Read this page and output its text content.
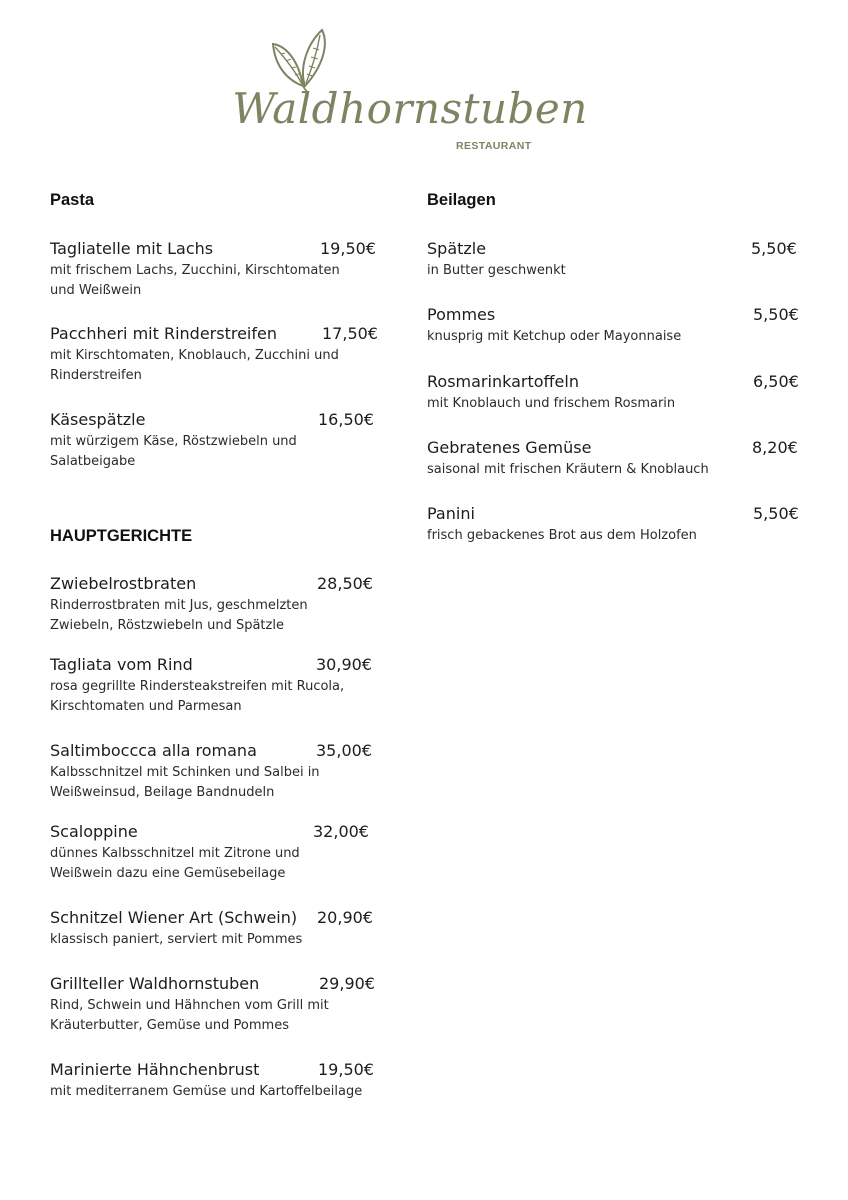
Waldhornstuben
RESTAURANT
Pasta
Tagliatelle mit Lachs	19,50€
mit frischem Lachs, Zucchini, Kirschtomaten und Weißwein
Pacchheri mit Rinderstreifen	17,50€
mit Kirschtomaten, Knoblauch, Zucchini und Rinderstreifen
Käsespätzle	16,50€
mit würzigem Käse, Röstzwiebeln und Salatbeigabe
HAUPTGERICHTE
Zwiebelrostbraten	28,50€
Rinderrostbraten mit Jus, geschmelzten Zwiebeln, Röstzwiebeln und Spätzle
Tagliata vom Rind	30,90€
rosa gegrillte Rindersteakstreifen mit Rucola, Kirschtomaten und Parmesan
Saltimboccca alla romana	35,00€
Kalbsschnitzel mit Schinken und Salbei in Weißweinsud, Beilage Bandnudeln
Scaloppine	32,00€
dünnes Kalbsschnitzel mit Zitrone und Weißwein dazu eine Gemüsebeilage
Schnitzel Wiener Art (Schwein) 20,90€
klassisch paniert, serviert mit Pommes
Grillteller Waldhornstuben	29,90€
Rind, Schwein und Hähnchen vom Grill mit Kräuterbutter, Gemüse und Pommes
Marinierte Hähnchenbrust	19,50€
mit mediterranem Gemüse und Kartoffelbeilage
Beilagen
Spätzle	5,50€
in Butter geschwenkt
Pommes	5,50€
knusprig mit Ketchup oder Mayonnaise
Rosmarinkartoffeln	6,50€
mit Knoblauch und frischem Rosmarin
Gebratenes Gemüse	8,20€
saisonal mit frischen Kräutern & Knoblauch
Panini	5,50€
frisch gebackenes Brot aus dem Holzofen
